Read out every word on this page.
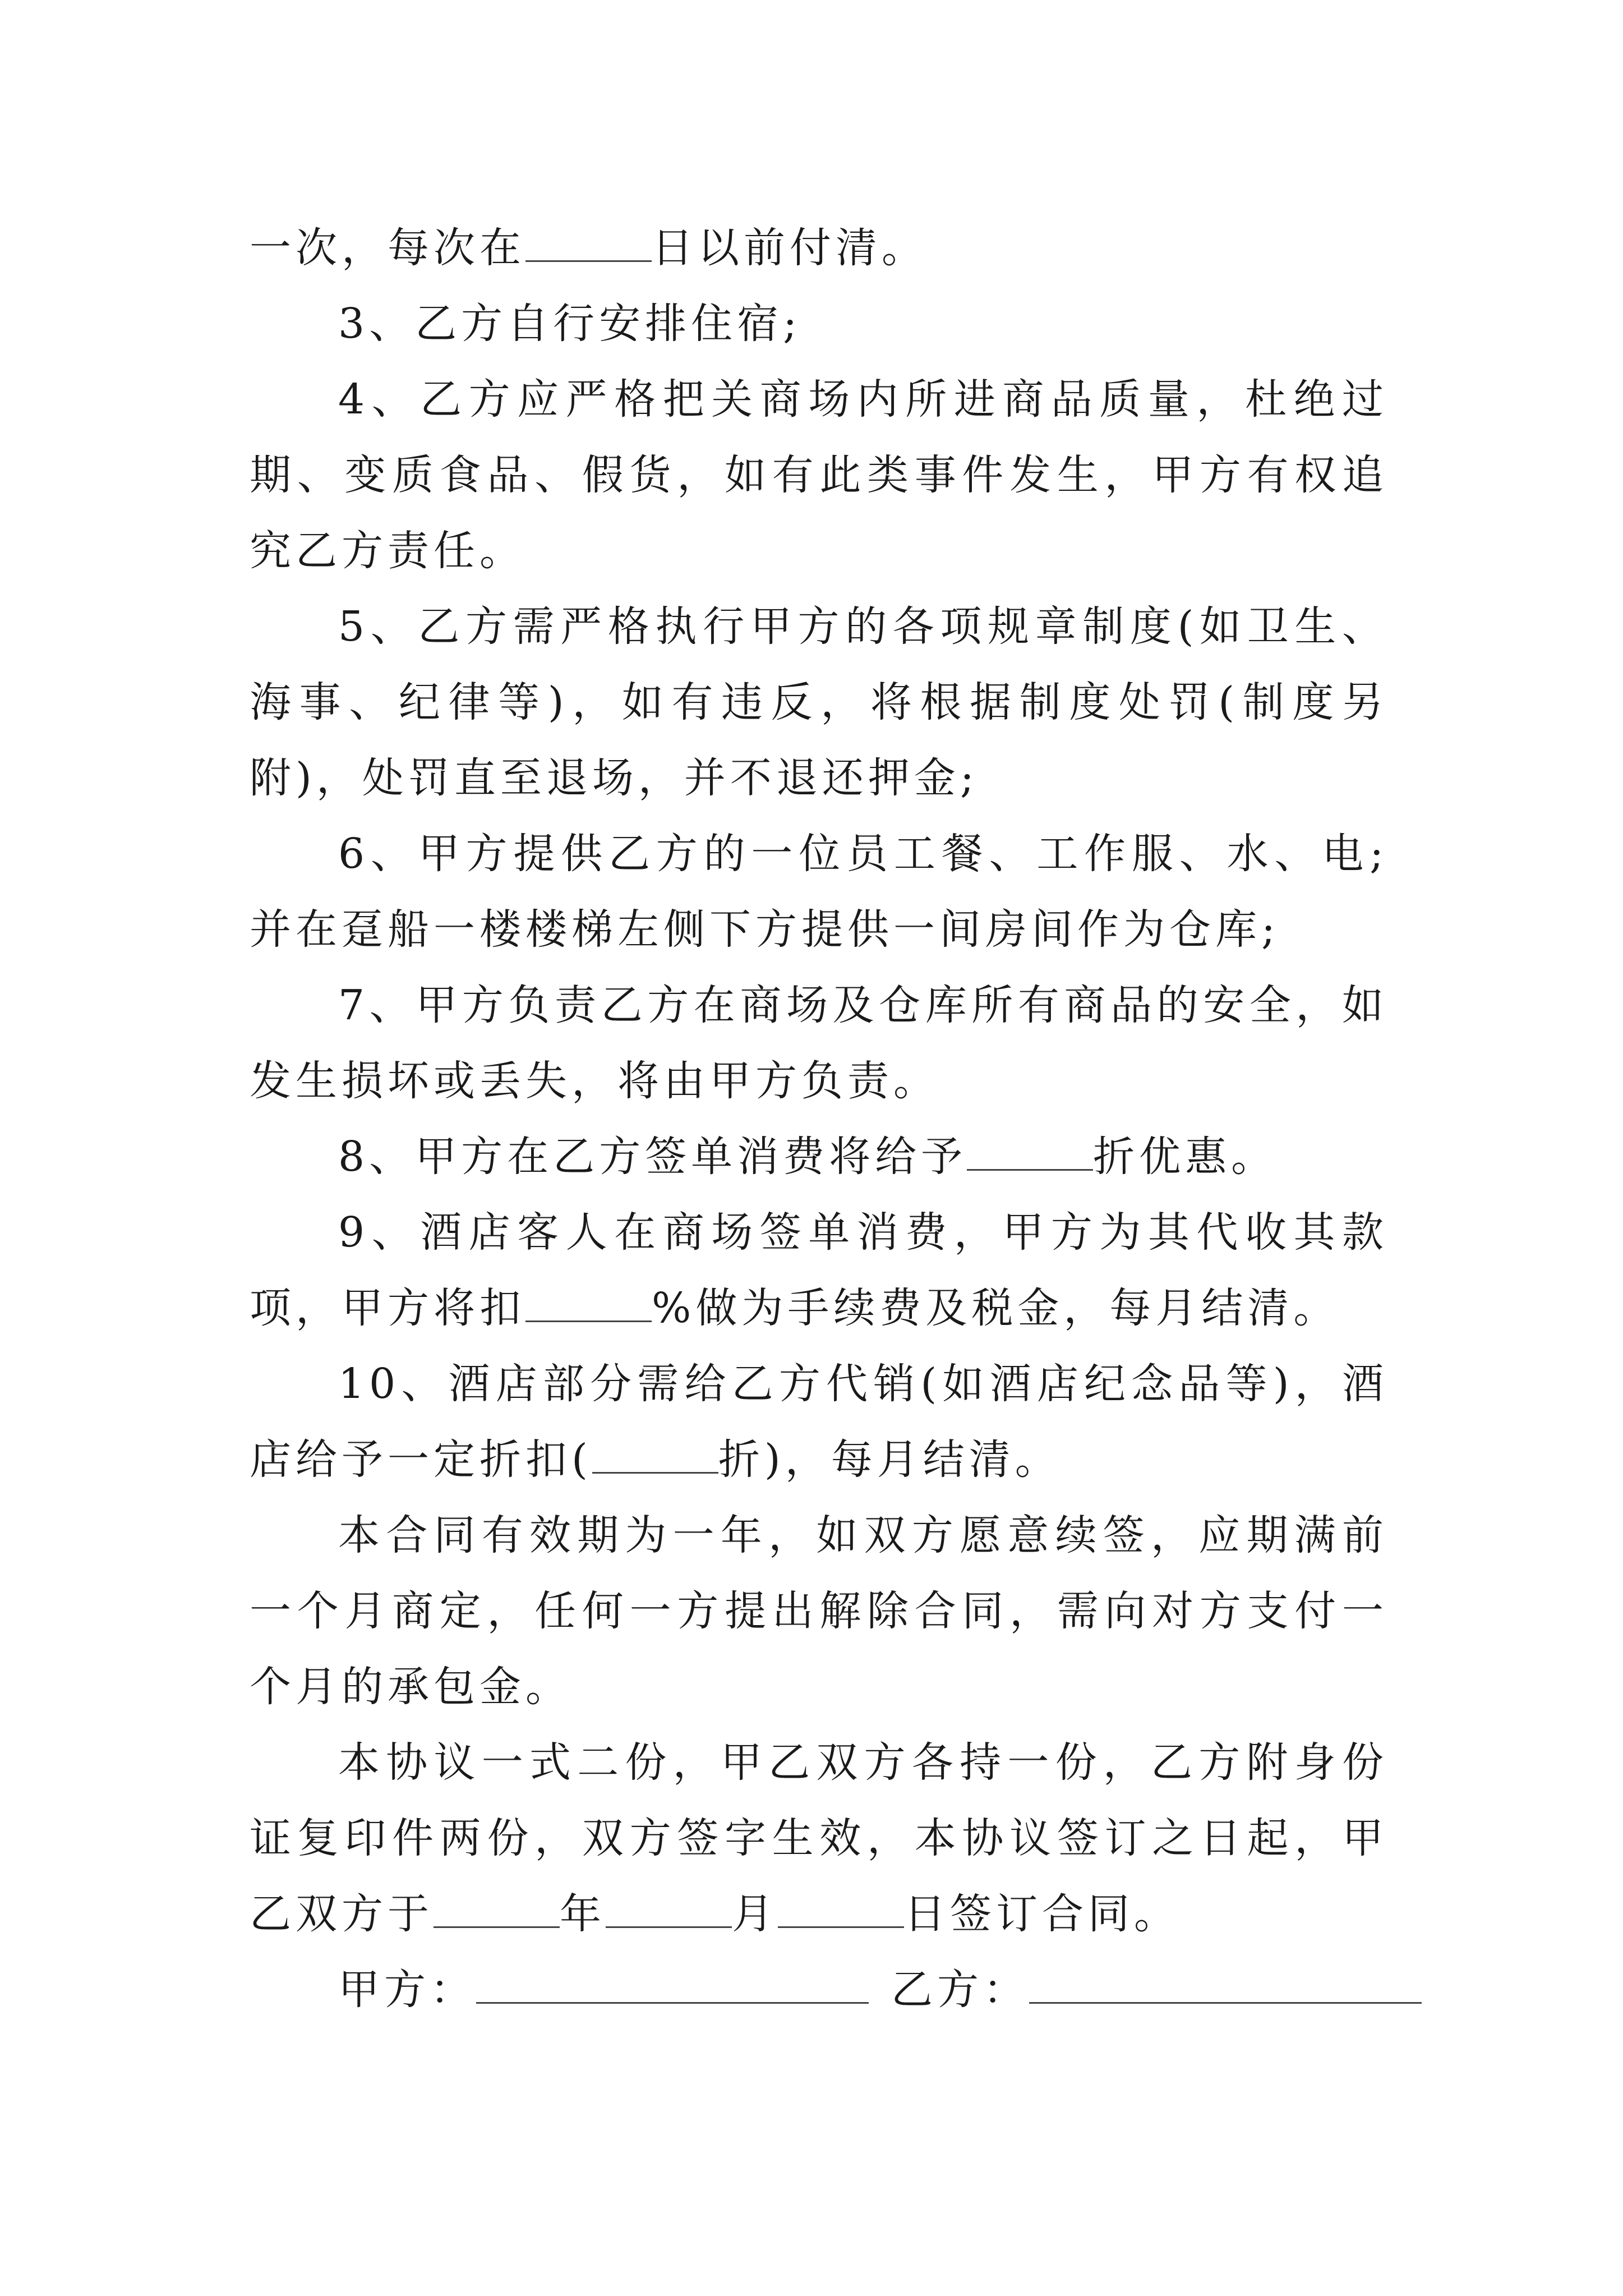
一次，每次在	日以前付清。

3、乙方自行安排住宿;

4、乙方应严格把关商场内所进商品质量，杜绝过期、变质食品、假货，如有此类事件发生，甲方有权追究乙方责任。

5、乙方需严格执行甲方的各项规章制度(如卫生、海事、纪律等)，如有违反，将根据制度处罚(制度另附)，处罚直至退场，并不退还押金;

6、甲方提供乙方的一位员工餐、工作服、水、电;并在趸船一楼楼梯左侧下方提供一间房间作为仓库;

7、甲方负责乙方在商场及仓库所有商品的安全，如发生损坏或丢失，将由甲方负责。

8、甲方在乙方签单消费将给予	折优惠。

9、酒店客人在商场签单消费，甲方为其代收其款项，甲方将扣	%做为手续费及税金，每月结清。

10、酒店部分需给乙方代销(如酒店纪念品等)，酒店给予一定折扣(	折)，每月结清。

本合同有效期为一年，如双方愿意续签，应期满前一个月商定，任何一方提出解除合同，需向对方支付一个月的承包金。

本协议一式二份，甲乙双方各持一份，乙方附身份证复印件两份，双方签字生效，本协议签订之日起，甲乙双方于	年	月	日签订合同。

甲方：	乙方：
